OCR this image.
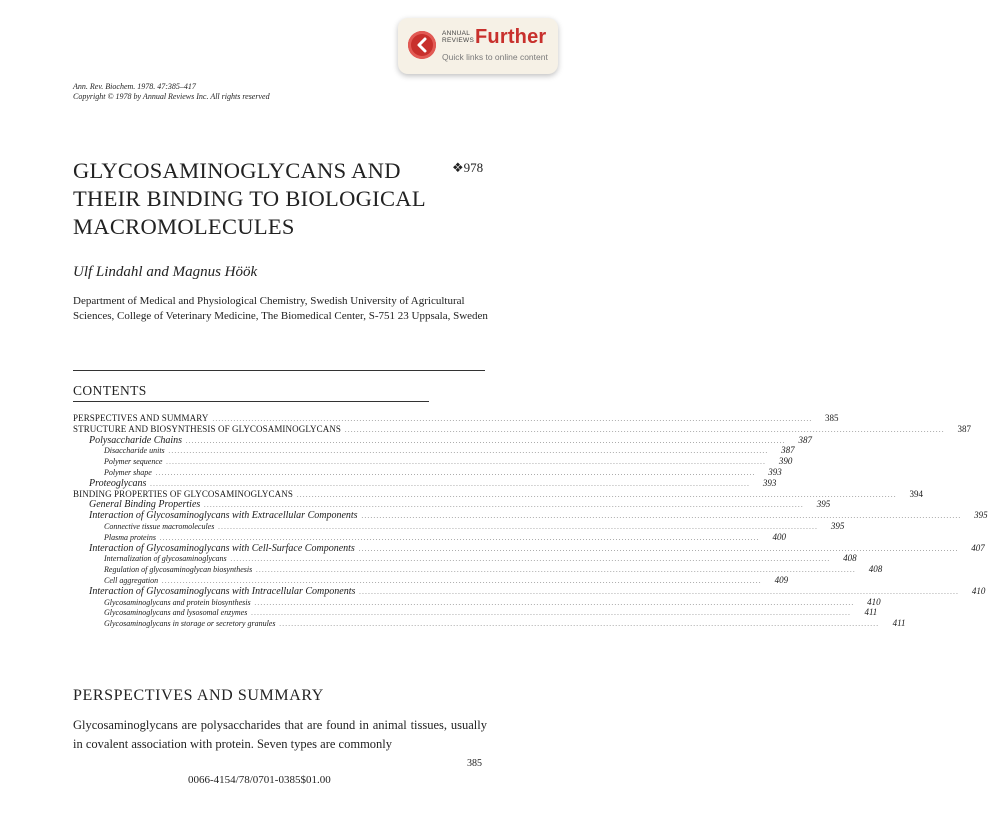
ANNUAL REVIEWS Further
Quick links to online content
Ann. Rev. Biochem. 1978. 47:385–417
Copyright © 1978 by Annual Reviews Inc. All rights reserved
GLYCOSAMINOGLYCANS AND
THEIR BINDING TO BIOLOGICAL
MACROMOLECULES
❖978
Ulf Lindahl and Magnus Höök
Department of Medical and Physiological Chemistry, Swedish University of Agricultural Sciences, College of Veterinary Medicine, The Biomedical Center, S-751 23 Uppsala, Sweden
CONTENTS
PERSPECTIVES AND SUMMARY ........................................................................................................................................................................................................	385
STRUCTURE AND BIOSYNTHESIS OF GLYCOSAMINOGLYCANS ........................................................................................................................................................................................................	387
Polysaccharide Chains ........................................................................................................................................................................................................	387
Disaccharide units ........................................................................................................................................................................................................	387
Polymer sequence ........................................................................................................................................................................................................	390
Polymer shape ........................................................................................................................................................................................................	393
Proteoglycans ........................................................................................................................................................................................................	393
BINDING PROPERTIES OF GLYCOSAMINOGLYCANS ........................................................................................................................................................................................................	394
General Binding Properties ........................................................................................................................................................................................................	395
Interaction of Glycosaminoglycans with Extracellular Components ........................................................................................................................................................................................................	395
Connective tissue macromolecules ........................................................................................................................................................................................................	395
Plasma proteins ........................................................................................................................................................................................................	400
Interaction of Glycosaminoglycans with Cell-Surface Components ........................................................................................................................................................................................................	407
Internalization of glycosaminoglycans ........................................................................................................................................................................................................	408
Regulation of glycosaminoglycan biosynthesis ........................................................................................................................................................................................................	408
Cell aggregation ........................................................................................................................................................................................................	409
Interaction of Glycosaminoglycans with Intracellular Components ........................................................................................................................................................................................................	410
Glycosaminoglycans and protein biosynthesis ........................................................................................................................................................................................................	410
Glycosaminoglycans and lysosomal enzymes ........................................................................................................................................................................................................	411
Glycosaminoglycans in storage or secretory granules ........................................................................................................................................................................................................	411
PERSPECTIVES AND SUMMARY
Glycosaminoglycans are polysaccharides that are found in animal tissues, usually in covalent association with protein. Seven types are commonly
385
0066-4154/78/0701-0385$01.00
